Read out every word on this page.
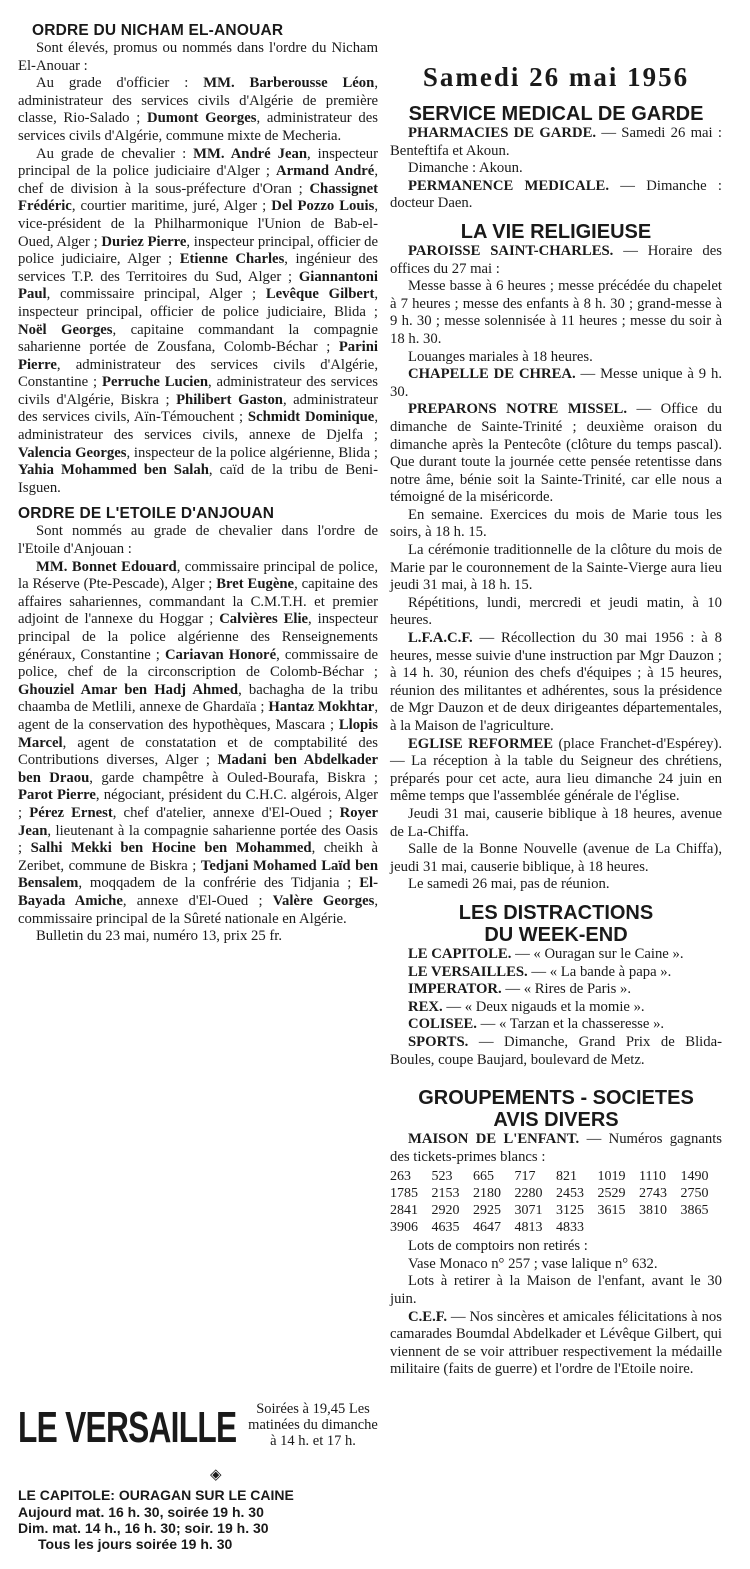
ORDRE DU NICHAM EL-ANOUAR

Sont élevés, promus ou nommés dans l'ordre du Nicham El-Anouar :

Au grade d'officier : MM. Barberousse Léon, administrateur des services civils d'Algérie de première classe, Rio-Salado ; Dumont Georges, administrateur des services civils d'Algérie, commune mixte de Mecheria.

Au grade de chevalier : MM. André Jean, inspecteur principal de la police judiciaire d'Alger ; Armand André, chef de division à la sous-préfecture d'Oran ; Chassignet Frédéric, courtier maritime, juré, Alger ; Del Pozzo Louis, vice-président de la Philharmonique l'Union de Bab-el-Oued, Alger ; Duriez Pierre, inspecteur principal, officier de police judiciaire, Alger ; Etienne Charles, ingénieur des services T.P. des Territoires du Sud, Alger ; Giannantoni Paul, commissaire principal, Alger ; Levêque Gilbert, inspecteur principal, officier de police judiciaire, Blida ; Noël Georges, capitaine commandant la compagnie saharienne portée de Zousfana, Colomb-Béchar ; Parini Pierre, administrateur des services civils d'Algérie, Constantine ; Perruche Lucien, administrateur des services civils d'Algérie, Biskra ; Philibert Gaston, administrateur des services civils, Aïn-Témouchent ; Schmidt Dominique, administrateur des services civils, annexe de Djelfa ; Valencia Georges, inspecteur de la police algérienne, Blida ; Yahia Mohammed ben Salah, caïd de la tribu de Beni-Isguen.

ORDRE DE L'ETOILE D'ANJOUAN

Sont nommés au grade de chevalier dans l'ordre de l'Etoile d'Anjouan :

MM. Bonnet Edouard, commissaire principal de police, la Réserve (Pte-Pescade), Alger ; Bret Eugène, capitaine des affaires sahariennes, commandant la C.M.T.H. et premier adjoint de l'annexe du Hoggar ; Calvières Elie, inspecteur principal de la police algérienne des Renseignements généraux, Constantine ; Cariavan Honoré, commissaire de police, chef de la circonscription de Colomb-Béchar ; Ghouziel Amar ben Hadj Ahmed, bachagha de la tribu chaamba de Metlili, annexe de Ghardaïa ; Hantaz Mokhtar, agent de la conservation des hypothèques, Mascara ; Llopis Marcel, agent de constatation et de comptabilité des Contributions diverses, Alger ; Madani ben Abdelkader ben Draou, garde champêtre à Ouled-Bourafa, Biskra ; Parot Pierre, négociant, président du C.H.C. algérois, Alger ; Pérez Ernest, chef d'atelier, annexe d'El-Oued ; Royer Jean, lieutenant à la compagnie saharienne portée des Oasis ; Salhi Mekki ben Hocine ben Mohammed, cheikh à Zeribet, commune de Biskra ; Tedjani Mohamed Laïd ben Bensalem, moqqadem de la confrérie des Tidjania ; El-Bayada Amiche, annexe d'El-Oued ; Valère Georges, commissaire principal de la Sûreté nationale en Algérie.

Bulletin du 23 mai, numéro 13, prix 25 fr.

LE VERSAILLE	Soirées à 19,45 Les matinées du dimanche à 14 h. et 17 h.
◈
LE CAPITOLE: OURAGAN SUR LE CAINE
Aujourd mat. 16 h. 30, soirée 19 h. 30
Dim. mat. 14 h., 16 h. 30; soir. 19 h. 30
Tous les jours soirée 19 h. 30
Samedi 26 mai 1956
SERVICE MEDICAL DE GARDE

PHARMACIES DE GARDE. — Samedi 26 mai : Benteftifa et Akoun.

Dimanche : Akoun.

PERMANENCE MEDICALE. — Dimanche : docteur Daen.

LA VIE RELIGIEUSE

PAROISSE SAINT-CHARLES. — Horaire des offices du 27 mai :

Messe basse à 6 heures ; messe précédée du chapelet à 7 heures ; messe des enfants à 8 h. 30 ; grand-messe à 9 h. 30 ; messe solennisée à 11 heures ; messe du soir à 18 h. 30.

Louanges mariales à 18 heures.

CHAPELLE DE CHREA. — Messe unique à 9 h. 30.

PREPARONS NOTRE MISSEL. — Office du dimanche de Sainte-Trinité ; deuxième oraison du dimanche après la Pentecôte (clôture du temps pascal). Que durant toute la journée cette pensée retentisse dans notre âme, bénie soit la Sainte-Trinité, car elle nous a témoigné de la miséricorde.

En semaine. Exercices du mois de Marie tous les soirs, à 18 h. 15.

La cérémonie traditionnelle de la clôture du mois de Marie par le couronnement de la Sainte-Vierge aura lieu jeudi 31 mai, à 18 h. 15.

Répétitions, lundi, mercredi et jeudi matin, à 10 heures.

L.F.A.C.F. — Récollection du 30 mai 1956 : à 8 heures, messe suivie d'une instruction par Mgr Dauzon ; à 14 h. 30, réunion des chefs d'équipes ; à 15 heures, réunion des militantes et adhérentes, sous la présidence de Mgr Dauzon et de deux dirigeantes départementales, à la Maison de l'agriculture.

EGLISE REFORMEE (place Franchet-d'Espérey). — La réception à la table du Seigneur des chrétiens, préparés pour cet acte, aura lieu dimanche 24 juin en même temps que l'assemblée générale de l'église.

Jeudi 31 mai, causerie biblique à 18 heures, avenue de La-Chiffa.

Salle de la Bonne Nouvelle (avenue de La Chiffa), jeudi 31 mai, causerie biblique, à 18 heures.

Le samedi 26 mai, pas de réunion.

LES DISTRACTIONS
DU WEEK-END

LE CAPITOLE. — « Ouragan sur le Caine ».

LE VERSAILLES. — « La bande à papa ».

IMPERATOR. — « Rires de Paris ».

REX. — « Deux nigauds et la momie ».

COLISEE. — « Tarzan et la chasseresse ».

SPORTS. — Dimanche, Grand Prix de Blida-Boules, coupe Baujard, boulevard de Metz.

GROUPEMENTS - SOCIETES
AVIS DIVERS

MAISON DE L'ENFANT. — Numéros gagnants des tickets-primes blancs :

263	523	665	717	821	1019 1110	1490
1785 2153 2180 2280 2453 2529 2743 2750
2841 2920 2925 3071 3125 3615 3810 3865
3906 4635 4647 4813 4833

Lots de comptoirs non retirés :

Vase Monaco n° 257 ; vase lalique n° 632.

Lots à retirer à la Maison de l'enfant, avant le 30 juin.

C.E.F. — Nos sincères et amicales félicitations à nos camarades Boumdal Abdelkader et Lévêque Gilbert, qui viennent de se voir attribuer respectivement la médaille militaire (faits de guerre) et l'ordre de l'Etoile noire.
